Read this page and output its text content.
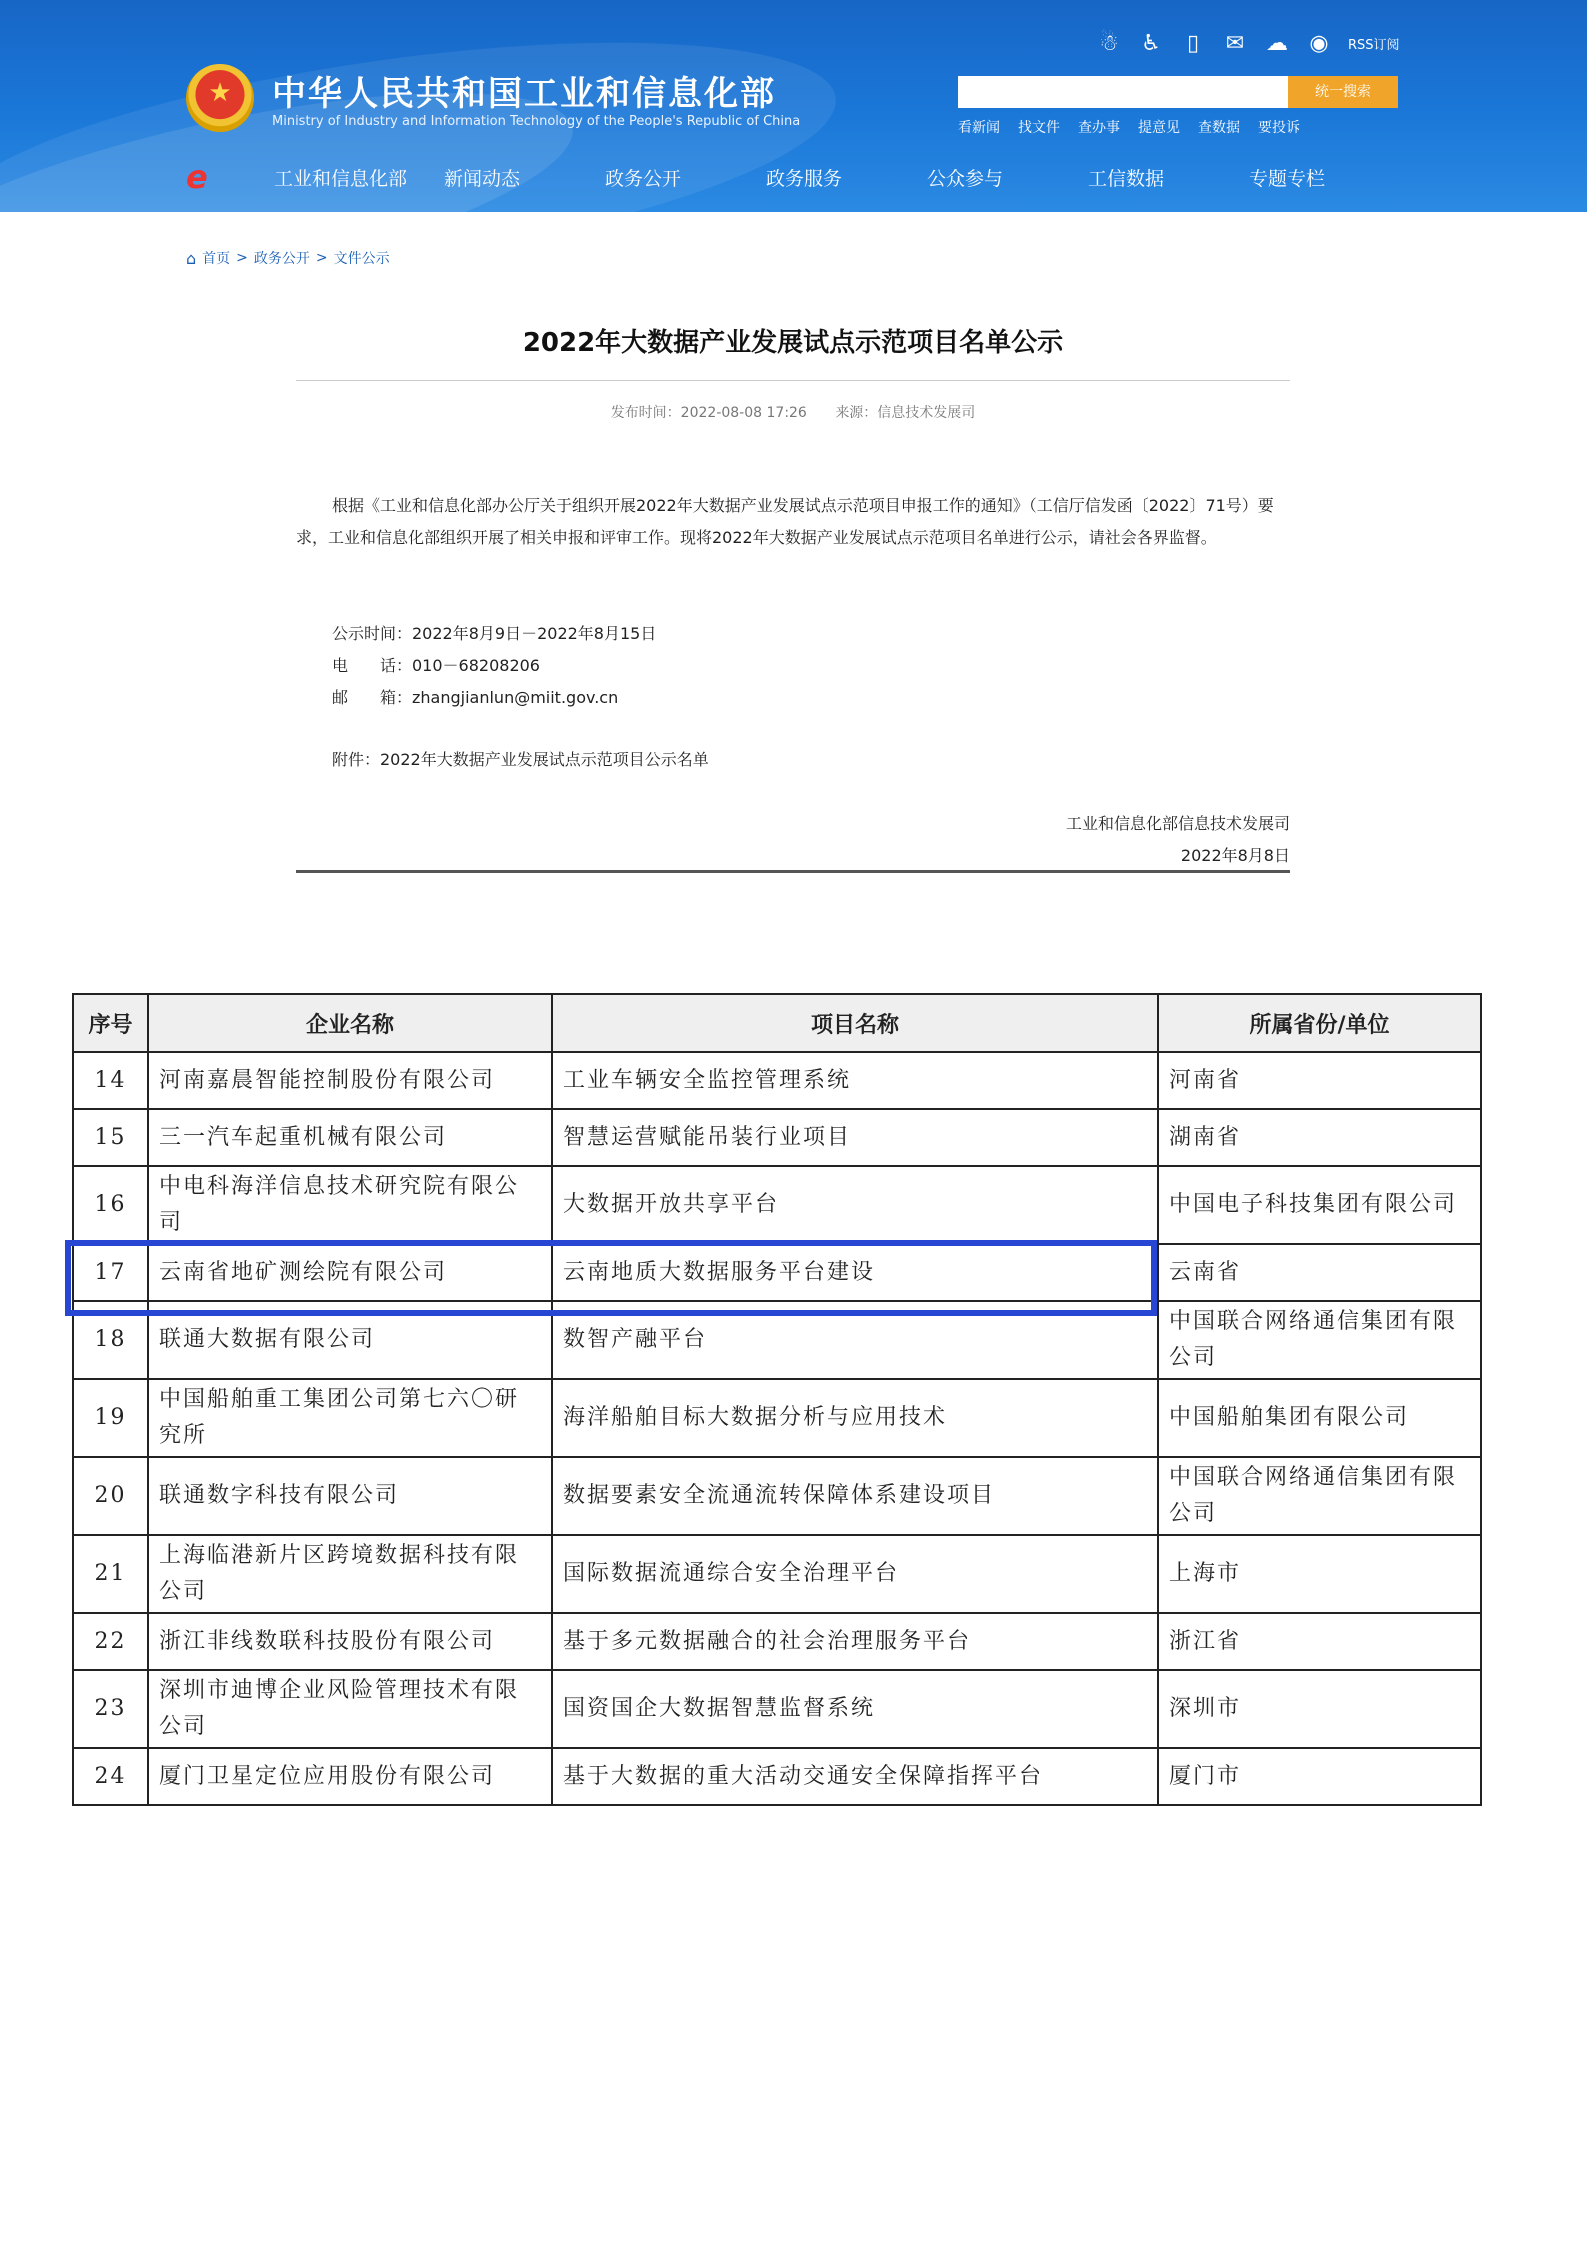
★	中华人民共和国工业和信息化部
Ministry of Industry and Information Technology of the People's Republic of China
☃ ♿	▯	✉ ☁ ◉ RSS订阅
统一搜索
看新闻 找文件 查办事 提意见 查数据 要投诉
e	工业和信息化部	新闻动态	政务公开	政务服务	公众参与	工信数据	专题专栏
⌂ 首页 > 政务公开 > 文件公示
2022年大数据产业发展试点示范项目名单公示
发布时间：2022-08-08 17:26 来源：信息技术发展司
根据《工业和信息化部办公厅关于组织开展2022年大数据产业发展试点示范项目申报工作的通知》（工信厅信发函〔2022〕71号）要求，工业和信息化部组织开展了相关申报和评审工作。现将2022年大数据产业发展试点示范项目名单进行公示，请社会各界监督。
公示时间：2022年8月9日－2022年8月15日
电　　话：010－68208206
邮　　箱：zhangjianlun@miit.gov.cn
附件：2022年大数据产业发展试点示范项目公示名单
工业和信息化部信息技术发展司
2022年8月8日
序号	企业名称	项目名称	所属省份/单位
14	河南嘉晨智能控制股份有限公司	工业车辆安全监控管理系统	河南省
15	三一汽车起重机械有限公司	智慧运营赋能吊装行业项目	湖南省
16	中电科海洋信息技术研究院有限公司	大数据开放共享平台	中国电子科技集团有限公司
17	云南省地矿测绘院有限公司	云南地质大数据服务平台建设	云南省
18	联通大数据有限公司	数智产融平台	中国联合网络通信集团有限公司
19	中国船舶重工集团公司第七六〇研究所	海洋船舶目标大数据分析与应用技术	中国船舶集团有限公司
20	联通数字科技有限公司	数据要素安全流通流转保障体系建设项目	中国联合网络通信集团有限公司
21	上海临港新片区跨境数据科技有限公司	国际数据流通综合安全治理平台	上海市
22	浙江非线数联科技股份有限公司	基于多元数据融合的社会治理服务平台	浙江省
23	深圳市迪博企业风险管理技术有限公司	国资国企大数据智慧监督系统	深圳市
24	厦门卫星定位应用股份有限公司	基于大数据的重大活动交通安全保障指挥平台	厦门市
